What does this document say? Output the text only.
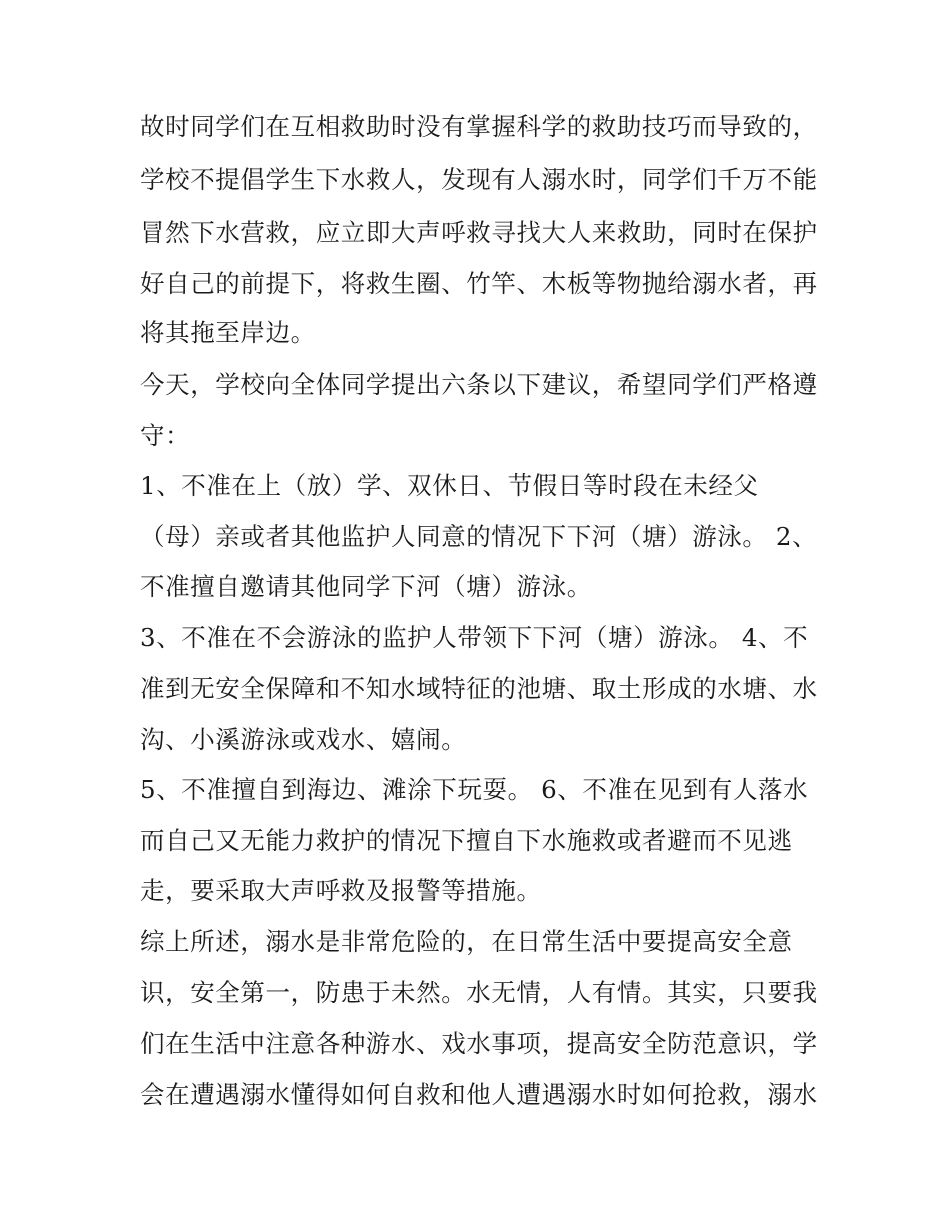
故时同学们在互相救助时没有掌握科学的救助技巧而导致的，
学校不提倡学生下水救人，发现有人溺水时，同学们千万不能
冒然下水营救，应立即大声呼救寻找大人来救助，同时在保护
好自己的前提下，将救生圈、竹竿、木板等物抛给溺水者，再
将其拖至岸边。
今天，学校向全体同学提出六条以下建议，希望同学们严格遵
守：
1、不准在上（放）学、双休日、节假日等时段在未经父
（母）亲或者其他监护人同意的情况下下河（塘）游泳。 2、
不准擅自邀请其他同学下河（塘）游泳。
3、不准在不会游泳的监护人带领下下河（塘）游泳。 4、不
准到无安全保障和不知水域特征的池塘、取土形成的水塘、水
沟、小溪游泳或戏水、嬉闹。
5、不准擅自到海边、滩涂下玩耍。 6、不准在见到有人落水
而自己又无能力救护的情况下擅自下水施救或者避而不见逃
走，要采取大声呼救及报警等措施。
综上所述，溺水是非常危险的，在日常生活中要提高安全意
识，安全第一，防患于未然。水无情，人有情。其实，只要我
们在生活中注意各种游水、戏水事项，提高安全防范意识，学
会在遭遇溺水懂得如何自救和他人遭遇溺水时如何抢救，溺水
